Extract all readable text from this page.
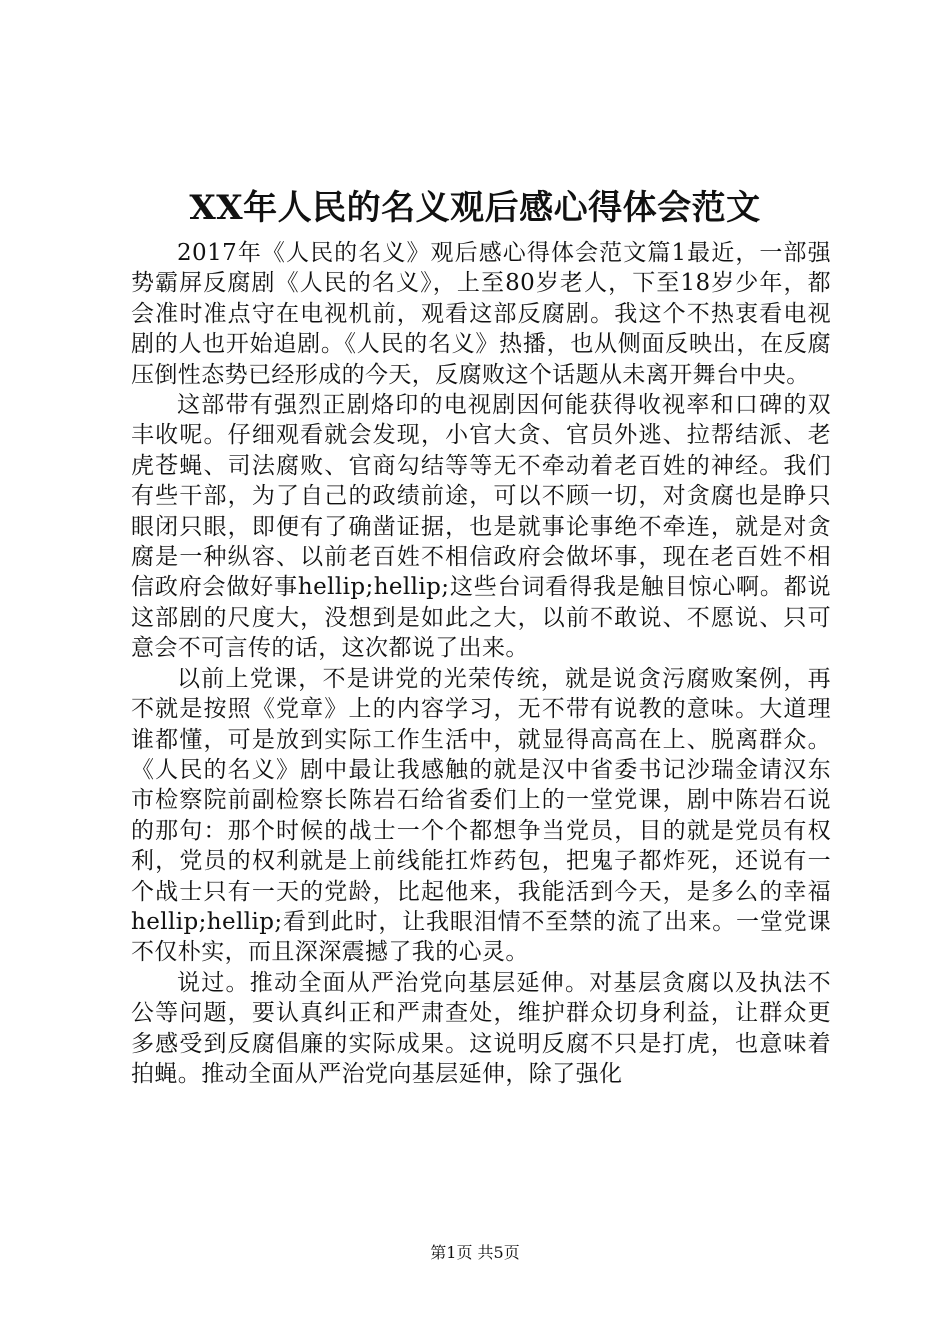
XX年人民的名义观后感心得体会范文

2017年《人民的名义》观后感心得体会范文篇1最近，一部强势霸屏反腐剧《人民的名义》，上至80岁老人，下至18岁少年，都会准时准点守在电视机前，观看这部反腐剧。我这个不热衷看电视剧的人也开始追剧。《人民的名义》热播，也从侧面反映出，在反腐压倒性态势已经形成的今天，反腐败这个话题从未离开舞台中央。

这部带有强烈正剧烙印的电视剧因何能获得收视率和口碑的双丰收呢。仔细观看就会发现，小官大贪、官员外逃、拉帮结派、老虎苍蝇、司法腐败、官商勾结等等无不牵动着老百姓的神经。我们有些干部，为了自己的政绩前途，可以不顾一切，对贪腐也是睁只眼闭只眼，即便有了确凿证据，也是就事论事绝不牵连，就是对贪腐是一种纵容、以前老百姓不相信政府会做坏事，现在老百姓不相信政府会做好事hellip;hellip;这些台词看得我是触目惊心啊。都说这部剧的尺度大，没想到是如此之大，以前不敢说、不愿说、只可意会不可言传的话，这次都说了出来。

以前上党课，不是讲党的光荣传统，就是说贪污腐败案例，再不就是按照《党章》上的内容学习，无不带有说教的意味。大道理谁都懂，可是放到实际工作生活中，就显得高高在上、脱离群众。《人民的名义》剧中最让我感触的就是汉中省委书记沙瑞金请汉东市检察院前副检察长陈岩石给省委们上的一堂党课，剧中陈岩石说的那句：那个时候的战士一个个都想争当党员，目的就是党员有权利，党员的权利就是上前线能扛炸药包，把鬼子都炸死，还说有一个战士只有一天的党龄，比起他来，我能活到今天，是多么的幸福hellip;hellip;看到此时，让我眼泪情不至禁的流了出来。一堂党课不仅朴实，而且深深震撼了我的心灵。

说过。推动全面从严治党向基层延伸。对基层贪腐以及执法不公等问题，要认真纠正和严肃查处，维护群众切身利益，让群众更多感受到反腐倡廉的实际成果。这说明反腐不只是打虎，也意味着拍蝇。推动全面从严治党向基层延伸，除了强化

第1页 共5页
